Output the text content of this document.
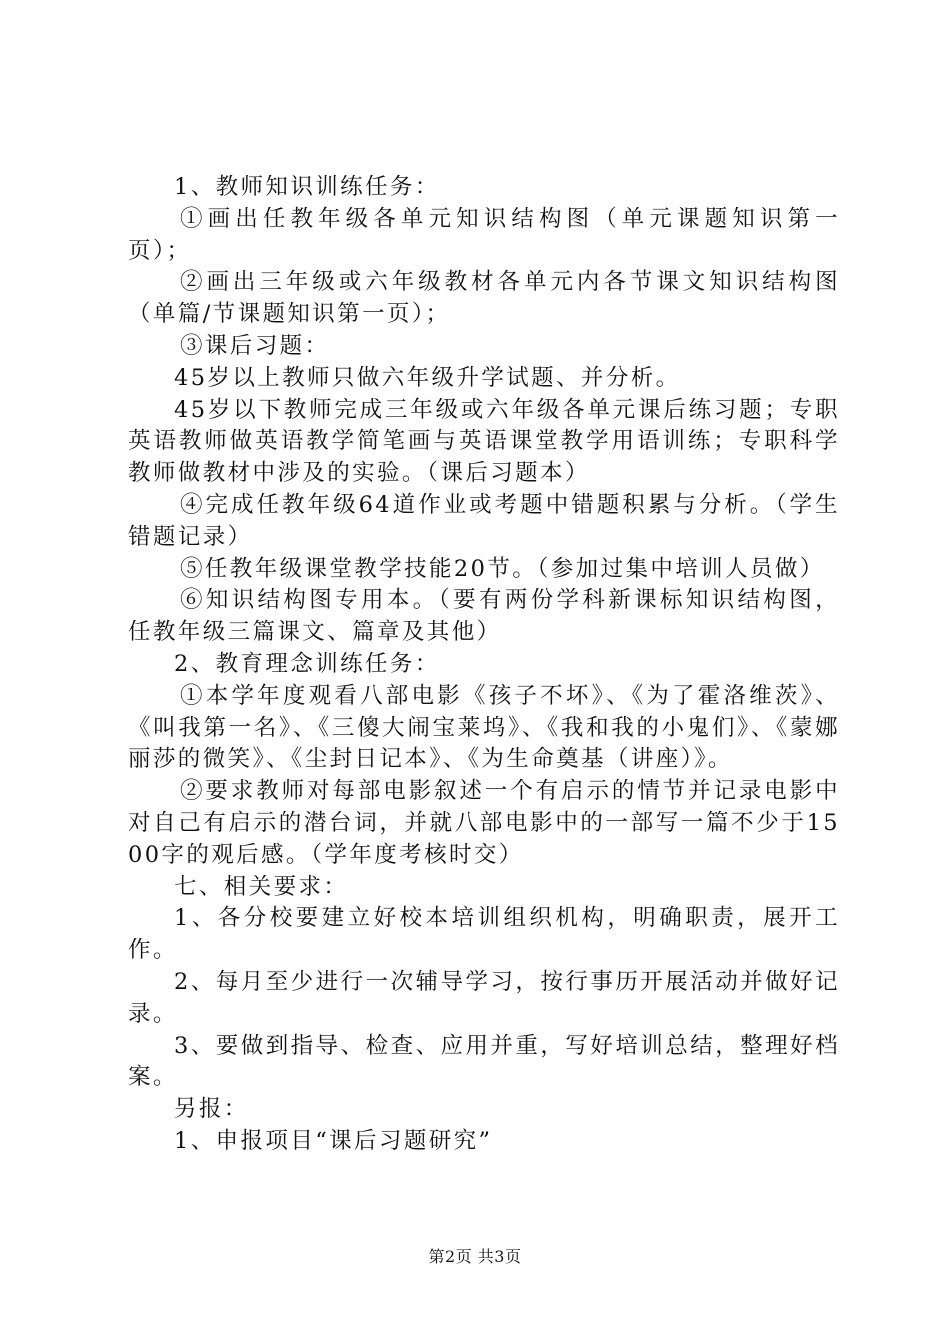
1、教师知识训练任务：

①画出任教年级各单元知识结构图（单元课题知识第一页）；

②画出三年级或六年级教材各单元内各节课文知识结构图（单篇/节课题知识第一页）；

③课后习题：

45岁以上教师只做六年级升学试题、并分析。

45岁以下教师完成三年级或六年级各单元课后练习题；专职英语教师做英语教学简笔画与英语课堂教学用语训练；专职科学教师做教材中涉及的实验。（课后习题本）

④完成任教年级64道作业或考题中错题积累与分析。（学生错题记录）

⑤任教年级课堂教学技能20节。（参加过集中培训人员做）

⑥知识结构图专用本。（要有两份学科新课标知识结构图，任教年级三篇课文、篇章及其他）

2、教育理念训练任务：

①本学年度观看八部电影《孩子不坏》、《为了霍洛维茨》、《叫我第一名》、《三傻大闹宝莱坞》、《我和我的小鬼们》、《蒙娜丽莎的微笑》、《尘封日记本》、《为生命奠基（讲座）》。

②要求教师对每部电影叙述一个有启示的情节并记录电影中对自己有启示的潜台词，并就八部电影中的一部写一篇不少于1500字的观后感。（学年度考核时交）

七、相关要求：

1、各分校要建立好校本培训组织机构，明确职责，展开工作。

2、每月至少进行一次辅导学习，按行事历开展活动并做好记录。

3、要做到指导、检查、应用并重，写好培训总结，整理好档案。

另报：

1、申报项目“课后习题研究”

第2页 共3页
